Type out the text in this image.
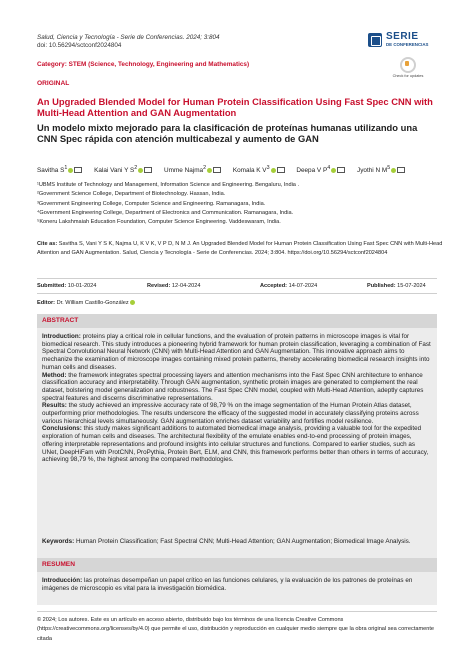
Salud, Ciencia y Tecnología - Serie de Conferencias. 2024; 3:804
doi: 10.56294/sctconf2024804
SERIE
DE CONFERENCIAS
Category: STEM (Science, Technology, Engineering and Mathematics)
Check for updates
ORIGINAL
An Upgraded Blended Model for Human Protein Classification Using Fast Spec CNN with Multi-Head Attention and GAN Augmentation
Un modelo mixto mejorado para la clasificación de proteínas humanas utilizando una CNN Spec rápida con atención multicabezal y aumento de GAN
Savitha $S^1$	Kalai Vani Y $S^2$	Umme Najma$^2$	Komala K $V^3$	Deepa V $P^4$	Jyothi N $M^5$
¹UBMS Institute of Technology and Management, Information Science and Engineering. Bengaluru, India .
²Government Science College, Department of Biotechnology. Hassan, India.
³Government Engineering College, Computer Science and Engineering. Ramanagara, India.
⁴Government Engineering College, Department of Electronics and Communication. Ramanagara, India.
⁵Koneru Lakshmaiah Education Foundation, Computer Science Engineering. Vaddeswaram, India.
Cite as: Savitha S, Vani Y S K, Najma U, K V K, V P D, N M J. An Upgraded Blended Model for Human Protein Classification Using Fast Spec CNN with Multi-Head Attention and GAN Augmentation. Salud, Ciencia y Tecnología - Serie de Conferencias. 2024; 3:804. https://doi.org/10.56294/sctconf2024804
Submitted: 10-01-2024	Revised: 12-04-2024	Accepted: 14-07-2024	Published: 15-07-2024
Editor: Dr. William Castillo-González
ABSTRACT

Introduction: proteins play a critical role in cellular functions, and the evaluation of protein patterns in microscope images is vital for biomedical research. This study introduces a pioneering hybrid framework for human protein classification, leveraging a combination of Fast Spectral Convolutional Neural Network (CNN) with Multi-Head Attention and GAN Augmentation. This innovative approach aims to mechanize the examination of microscope images containing mixed protein patterns, thereby accelerating biomedical research insights into human cells and diseases.

Method: the framework integrates spectral processing layers and attention mechanisms into the Fast Spec CNN architecture to enhance classification accuracy and interpretability. Through GAN augmentation, synthetic protein images are generated to complement the real dataset, bolstering model generalization and robustness. The Fast Spec CNN model, coupled with Multi-Head Attention, adeptly captures spectral features and discerns discriminative representations.

Results: the study achieved an impressive accuracy rate of 98,79 % on the image segmentation of the Human Protein Atlas dataset, outperforming prior methodologies. The results underscore the efficacy of the suggested model in accurately classifying proteins across various hierarchical levels simultaneously. GAN augmentation enriches dataset variability and fortifies model resilience.

Conclusions: this study makes significant additions to automated biomedical image analysis, providing a valuable tool for the expedited exploration of human cells and diseases. The architectural flexibility of the emulate enables end-to-end processing of protein images, offering interpretable representations and profound insights into cellular structures and functions. Compared to earlier studies, such as UNet, DeepHiFam with ProtCNN, ProPythia, Protein Bert, ELM, and CNN, this framework performs better than others in terms of accuracy, achieving 98,79 %, the highest among the compared methodologies.

Keywords: Human Protein Classification; Fast Spectral CNN; Multi-Head Attention; GAN Augmentation; Biomedical Image Analysis.
RESUMEN
Introducción: las proteínas desempeñan un papel crítico en las funciones celulares, y la evaluación de los patrones de proteínas en imágenes de microscopio es vital para la investigación biomédica.
© 2024; Los autores. Este es un artículo en acceso abierto, distribuido bajo los términos de una licencia Creative Commons (https://creativecommons.org/licenses/by/4.0) que permite el uso, distribución y reproducción en cualquier medio siempre que la obra original sea correctamente citada
